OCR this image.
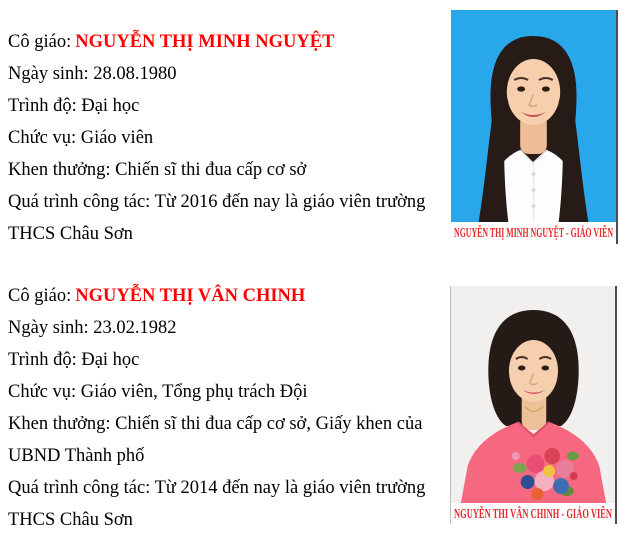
Cô giáo: NGUYỄN THỊ MINH NGUYỆT

Ngày sinh: 28.08.1980

Trình độ: Đại học

Chức vụ: Giáo viên

Khen thưởng: Chiến sĩ thi đua cấp cơ sở

Quá trình công tác: Từ 2016 đến nay là giáo viên trường THCS Châu Sơn	NGUYỄN THỊ MINH NGUYỆT - GIÁO VIÊN

Cô giáo: NGUYỄN THỊ VÂN CHINH

Ngày sinh: 23.02.1982

Trình độ: Đại học

Chức vụ: Giáo viên, Tổng phụ trách Đội

Khen thưởng: Chiến sĩ thi đua cấp cơ sở, Giấy khen của UBND Thành phố

Quá trình công tác: Từ 2014 đến nay là giáo viên trường THCS Châu Sơn	NGUYỄN THI VÂN CHINH - GIÁO VIÊN
